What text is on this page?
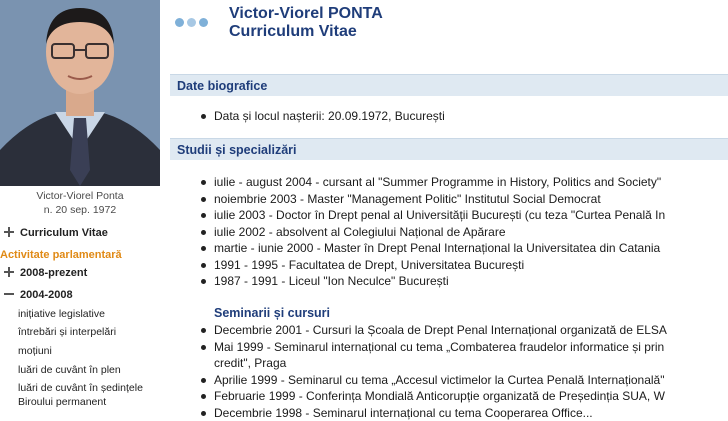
Victor-Viorel Ponta
n. 20 sep. 1972
Curriculum Vitae
Activitate parlamentară
2008-prezent
2004-2008
inițiative legislative
întrebări și interpelări
moțiuni
luări de cuvânt în plen
luări de cuvânt în ședințele
Biroului permanent
Victor-Viorel PONTA
Curriculum Vitae
Date biografice
Data și locul nașterii: 20.09.1972, București
Studii și specializări
iulie - august 2004 - cursant al "Summer Programme in History, Politics and Society"
noiembrie 2003 - Master "Management Politic" Institutul Social Democrat
iulie 2003 - Doctor în Drept penal al Universității București (cu teza "Curtea Penală In
iulie 2002 - absolvent al Colegiului Național de Apărare
martie - iunie 2000 - Master în Drept Penal Internațional la Universitatea din Catania
1991 - 1995 - Facultatea de Drept, Universitatea București
1987 - 1991 - Liceul "Ion Neculce" București
Seminarii și cursuri
Decembrie 2001 - Cursuri la Școala de Drept Penal Internațional organizată de ELSA
Mai 1999 - Seminarul internațional cu tema „Combaterea fraudelor informatice și prin
credit", Praga
Aprilie 1999 - Seminarul cu tema „Accesul victimelor la Curtea Penală Internațională"
Februarie 1999 - Conferința Mondială Anticorupție organizată de Președinția SUA, W
Decembrie 1998 - Seminarul internațional cu tema Cooperarea Office...
